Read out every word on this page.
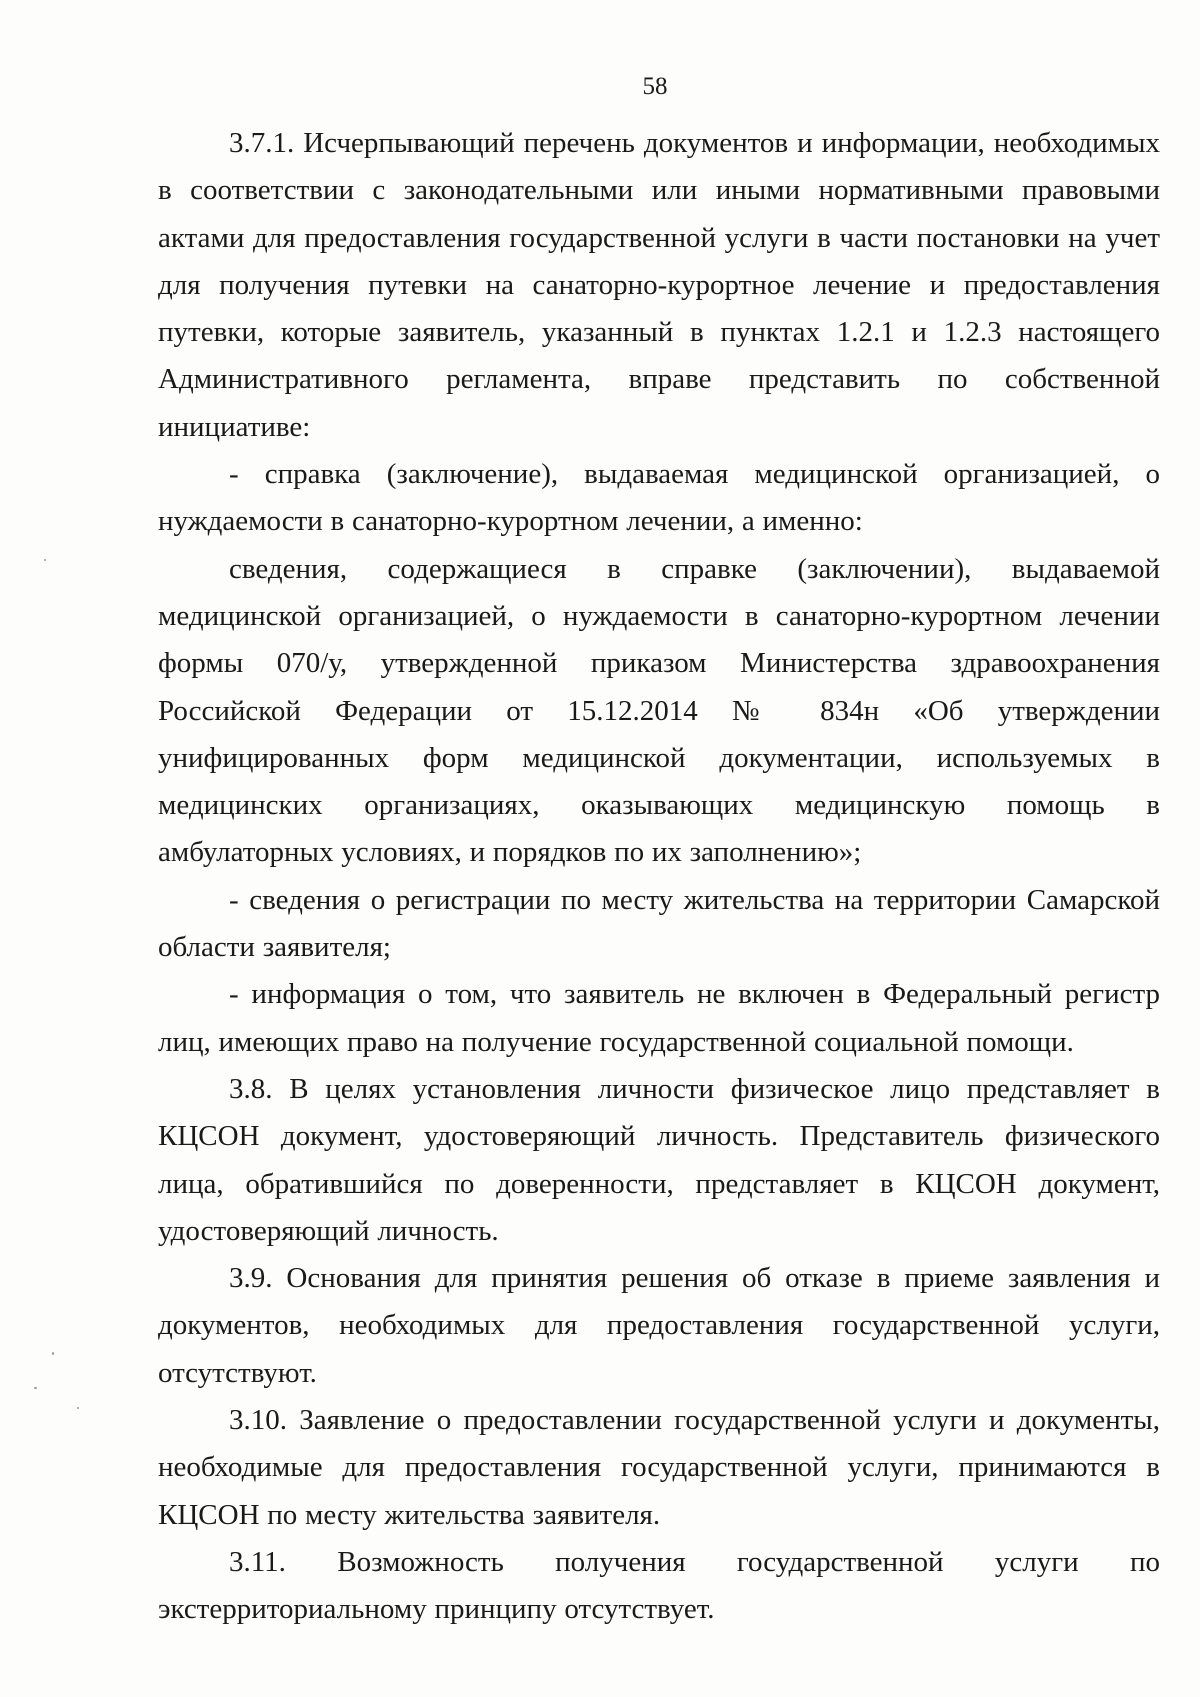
58

3.7.1. Исчерпывающий перечень документов и информации, необходимых в соответствии с законодательными или иными нормативными правовыми актами для предоставления государственной услуги в части постановки на учет для получения путевки на санаторно-курортное лечение и предоставления путевки, которые заявитель, указанный в пунктах 1.2.1 и 1.2.3 настоящего Административного регламента, вправе представить по собственной инициативе:

- справка (заключение), выдаваемая медицинской организацией, о нуждаемости в санаторно-курортном лечении, а именно:

сведения, содержащиеся в справке (заключении), выдаваемой медицинской организацией, о нуждаемости в санаторно-курортном лечении формы 070/у, утвержденной приказом Министерства здравоохранения Российской Федерации от 15.12.2014 № 834н «Об утверждении унифицированных форм медицинской документации, используемых в медицинских организациях, оказывающих медицинскую помощь в амбулаторных условиях, и порядков по их заполнению»;

- сведения о регистрации по месту жительства на территории Самарской области заявителя;

- информация о том, что заявитель не включен в Федеральный регистр лиц, имеющих право на получение государственной социальной помощи.

3.8. В целях установления личности физическое лицо представляет в КЦСОН документ, удостоверяющий личность. Представитель физического лица, обратившийся по доверенности, представляет в КЦСОН документ, удостоверяющий личность.

3.9. Основания для принятия решения об отказе в приеме заявления и документов, необходимых для предоставления государственной услуги, отсутствуют.

3.10. Заявление о предоставлении государственной услуги и документы, необходимые для предоставления государственной услуги, принимаются в КЦСОН по месту жительства заявителя.

3.11. Возможность получения государственной услуги по экстерриториальному принципу отсутствует.
